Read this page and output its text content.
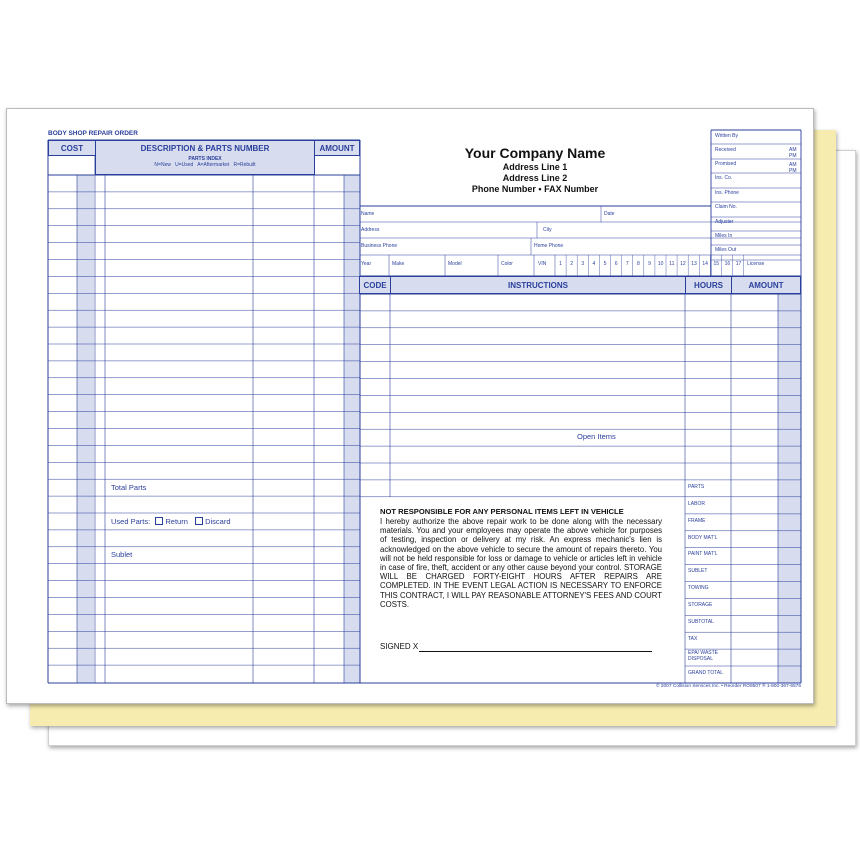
BODY SHOP REPAIR ORDER
COST	DESCRIPTION & PARTS NUMBER	AMOUNT
PARTS INDEX
N=New   U=Used   A=Aftermarket   R=Rebuilt
Total Parts
Used Parts: Return Discard
Sublet
Your Company Name
Address Line 1
Address Line 2
Phone Number • FAX Number
Written By
Received	AM
PM
Promised	AM
PM
Ins. Co.
Ins. Phone
Claim No.
Adjuster
Miles In
Miles Out
Name	Date
Address	City
Business Phone	Home Phone
Year	Make	Model	Color	VIN	1	2	3	4	5	6	7	8	9	10	11	12	13	14	15	16	17	License
CODE	INSTRUCTIONS	HOURS	AMOUNT
Open Items
PARTS
LABOR
FRAME
BODY MAT'L
PAINT MAT'L
SUBLET
TOWING
STORAGE
SUBTOTAL
TAX
EPA/ WASTE DISPOSAL
GRAND TOTAL
NOT RESPONSIBLE FOR ANY PERSONAL ITEMS LEFT IN VEHICLE
I hereby authorize the above repair work to be done along with the necessary materials. You and your employees may operate the above vehicle for purposes of testing, inspection or delivery at my risk. An express mechanic's lien is acknowledged on the above vehicle to secure the amount of repairs thereto. You will not be held responsible for loss or damage to vehicle or articles left in vehicle in case of fire, theft, accident or any other cause beyond your control. STORAGE WILL BE CHARGED FORTY-EIGHT HOURS AFTER REPAIRS ARE COMPLETED. IN THE EVENT LEGAL ACTION IS NECESSARY TO ENFORCE THIS CONTRACT, I WILL PAY REASONABLE ATTORNEY'S FEES AND COURT COSTS.
SIGNED X
© 2007 Collision Services Inc. • Reorder RO9507 ® 1-800-367-6576
